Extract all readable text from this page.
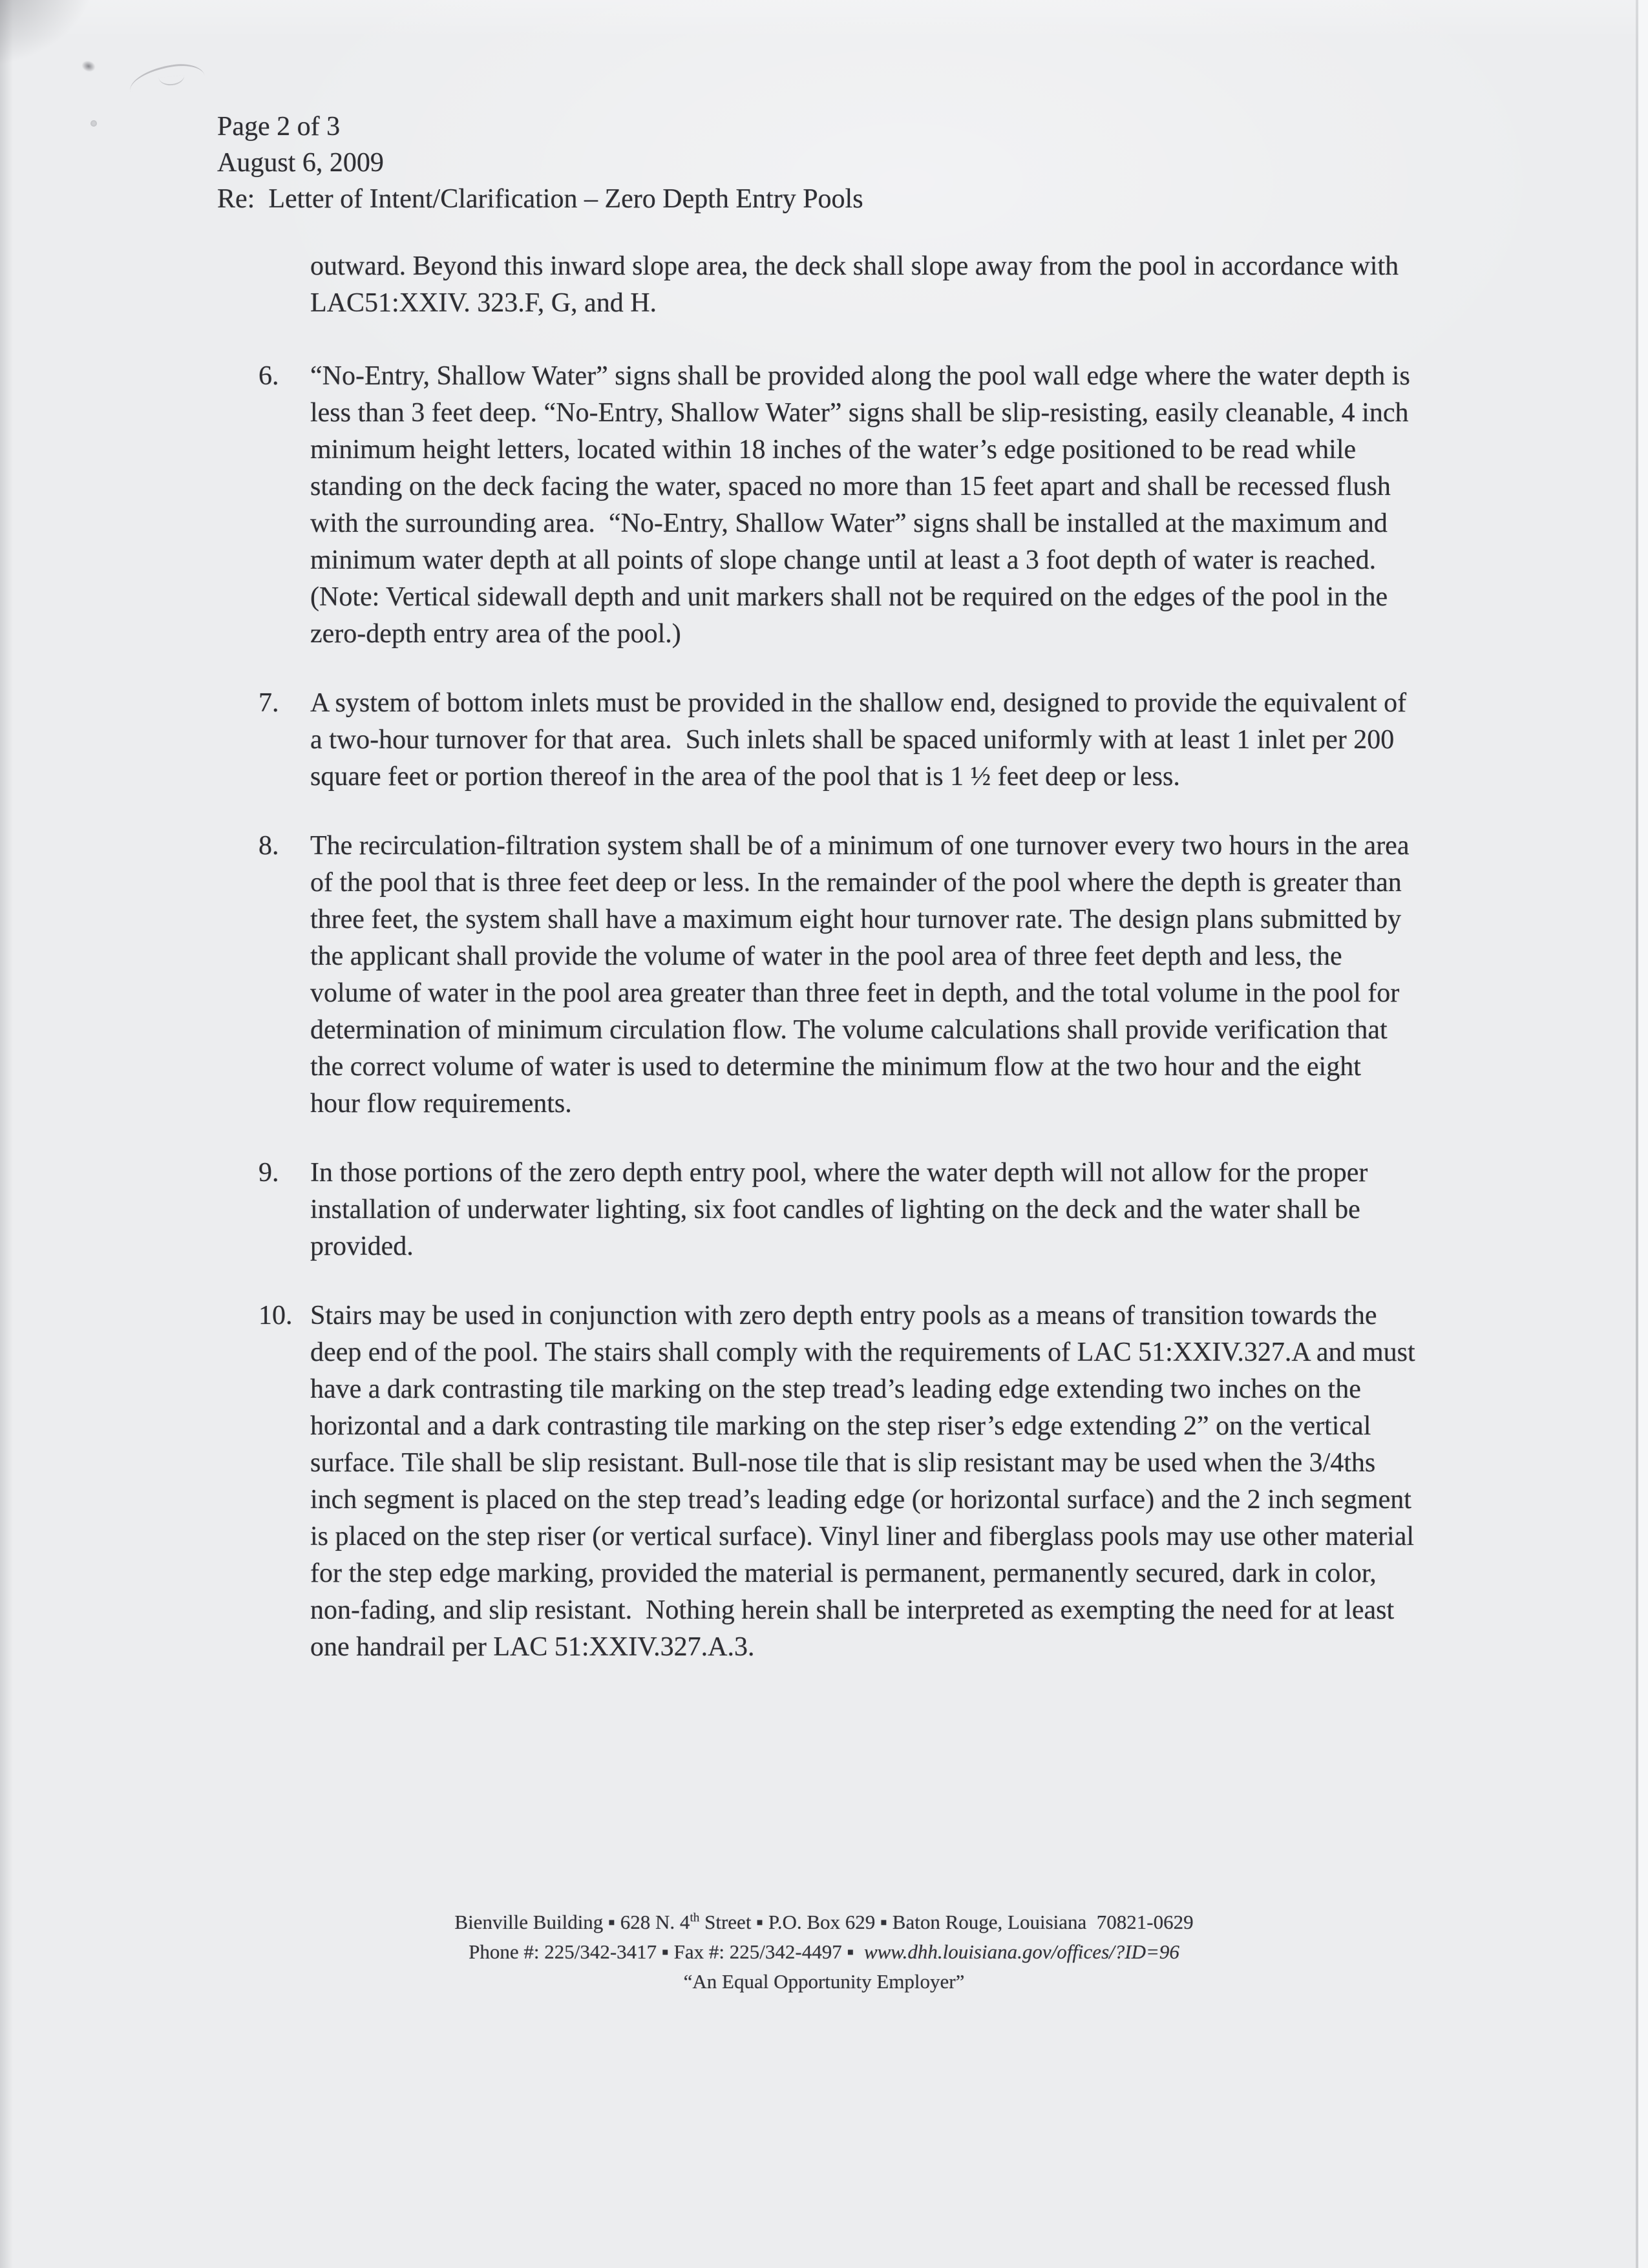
Page 2 of 3
August 6, 2009
Re:  Letter of Intent/Clarification – Zero Depth Entry Pools

outward. Beyond this inward slope area, the deck shall slope away from the pool in accordance with LAC51:XXIV. 323.F, G, and H.

6. “No-Entry, Shallow Water” signs shall be provided along the pool wall edge where the water depth is less than 3 feet deep. “No-Entry, Shallow Water” signs shall be slip-resisting, easily cleanable, 4 inch minimum height letters, located within 18 inches of the water’s edge positioned to be read while standing on the deck facing the water, spaced no more than 15 feet apart and shall be recessed flush with the surrounding area.  “No-Entry, Shallow Water” signs shall be installed at the maximum and minimum water depth at all points of slope change until at least a 3 foot depth of water is reached.  (Note: Vertical sidewall depth and unit markers shall not be required on the edges of the pool in the zero-depth entry area of the pool.)
7. A system of bottom inlets must be provided in the shallow end, designed to provide the equivalent of a two-hour turnover for that area.  Such inlets shall be spaced uniformly with at least 1 inlet per 200 square feet or portion thereof in the area of the pool that is 1 ½ feet deep or less.
8. The recirculation-filtration system shall be of a minimum of one turnover every two hours in the area of the pool that is three feet deep or less. In the remainder of the pool where the depth is greater than three feet, the system shall have a maximum eight hour turnover rate. The design plans submitted by the applicant shall provide the volume of water in the pool area of three feet depth and less, the volume of water in the pool area greater than three feet in depth, and the total volume in the pool for determination of minimum circulation flow. The volume calculations shall provide verification that the correct volume of water is used to determine the minimum flow at the two hour and the eight hour flow requirements.
9. In those portions of the zero depth entry pool, where the water depth will not allow for the proper installation of underwater lighting, six foot candles of lighting on the deck and the water shall be provided.
10. Stairs may be used in conjunction with zero depth entry pools as a means of transition towards the deep end of the pool. The stairs shall comply with the requirements of LAC 51:XXIV.327.A and must have a dark contrasting tile marking on the step tread’s leading edge extending two inches on the horizontal and a dark contrasting tile marking on the step riser’s edge extending 2” on the vertical surface. Tile shall be slip resistant. Bull-nose tile that is slip resistant may be used when the 3/4ths inch segment is placed on the step tread’s leading edge (or horizontal surface) and the 2 inch segment is placed on the step riser (or vertical surface). Vinyl liner and fiberglass pools may use other material for the step edge marking, provided the material is permanent, permanently secured, dark in color, non-fading, and slip resistant.  Nothing herein shall be interpreted as exempting the need for at least one handrail per LAC 51:XXIV.327.A.3.
Bienville Building ▪ 628 N. 4th Street ▪ P.O. Box 629 ▪ Baton Rouge, Louisiana  70821-0629
Phone #: 225/342-3417 ▪ Fax #: 225/342-4497 ▪  www.dhh.louisiana.gov/offices/?ID=96
“An Equal Opportunity Employer”
